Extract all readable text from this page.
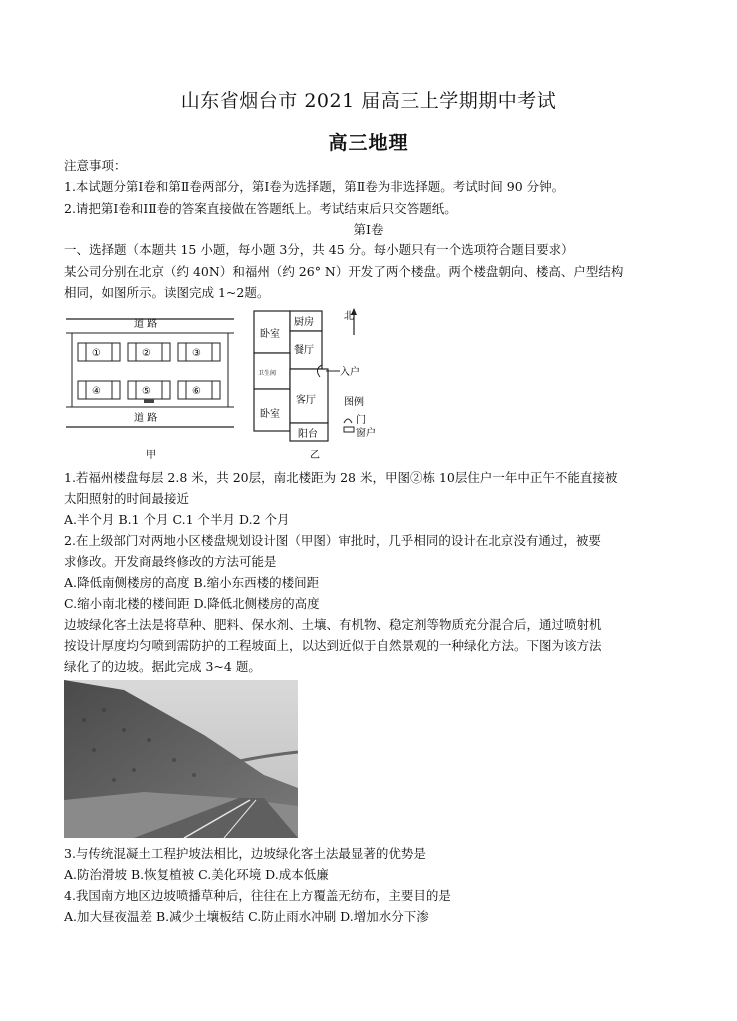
山东省烟台市 2021 届高三上学期期中考试
高三地理
注意事项：
1.本试题分第Ⅰ卷和第Ⅱ卷两部分，第Ⅰ卷为选择题，第Ⅱ卷为非选择题。考试时间 90 分钟。
2.请把第Ⅰ卷和ⅠⅡ卷的答案直接做在答题纸上。考试结束后只交答题纸。
第Ⅰ卷
一、选择题（本题共 15 小题，每小题 3分，共 45 分。每小题只有一个选项符合题目要求）
某公司分别在北京（约 40N）和福州（约 26° N）开发了两个楼盘。两个楼盘朝向、楼高、户型结构
相同，如图所示。读图完成 1~2题。
道 路
道 路
①	②	③
④	⑤	⑥
甲
卧室
厨房
餐厅
卫生间
卧室
客厅
阳台
入户
北
图例
门
窗户
乙
1.若福州楼盘每层 2.8 米，共 20层，南北楼距为 28 米，甲图②栋 10层住户一年中正午不能直接被
太阳照射的时间最接近
A.半个月 B.1 个月 C.1 个半月 D.2 个月
2.在上级部门对两地小区楼盘规划设计图（甲图）审批时，几乎相同的设计在北京没有通过，被要
求修改。开发商最终修改的方法可能是
A.降低南侧楼房的高度 B.缩小东西楼的楼间距
C.缩小南北楼的楼间距 D.降低北侧楼房的高度
边坡绿化客土法是将草种、肥料、保水剂、土壤、有机物、稳定剂等物质充分混合后，通过喷射机
按设计厚度均匀喷到需防护的工程坡面上，以达到近似于自然景观的一种绿化方法。下图为该方法
绿化了的边坡。据此完成 3~4 题。
3.与传统混凝土工程护坡法相比，边坡绿化客土法最显著的优势是
A.防治滑坡 B.恢复植被 C.美化环境 D.成本低廉
4.我国南方地区边坡喷播草种后，往往在上方覆盖无纺布，主要目的是
A.加大昼夜温差 B.减少土壤板结 C.防止雨水冲刷 D.增加水分下渗
